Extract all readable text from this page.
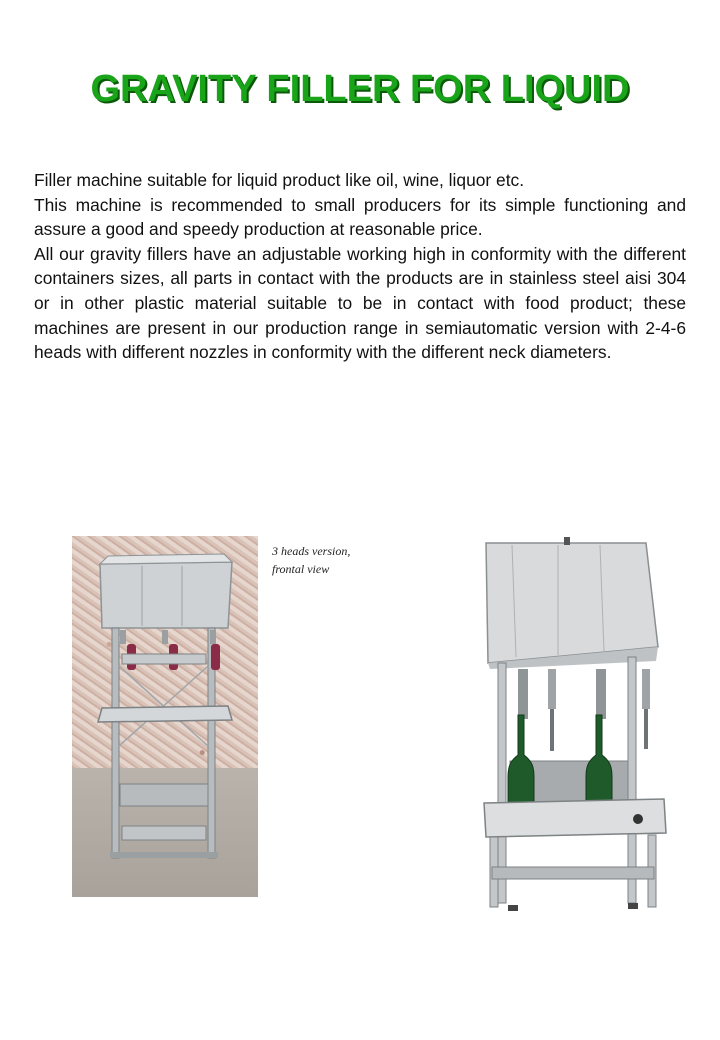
GRAVITY FILLER FOR LIQUID

Filler machine suitable for liquid product like oil, wine, liquor etc.

This machine is recommended to small producers for its simple functioning and assure a good and speedy production at reasonable price.

All our gravity fillers have an adjustable working high in conformity with the different containers sizes, all parts in contact with the products are in stainless steel aisi 304 or in other plastic material suitable to be in contact with food product; these machines are present in our production range in semiautomatic version with 2-4-6 heads with different nozzles in conformity with the different neck diameters.

3 heads version,
frontal view
